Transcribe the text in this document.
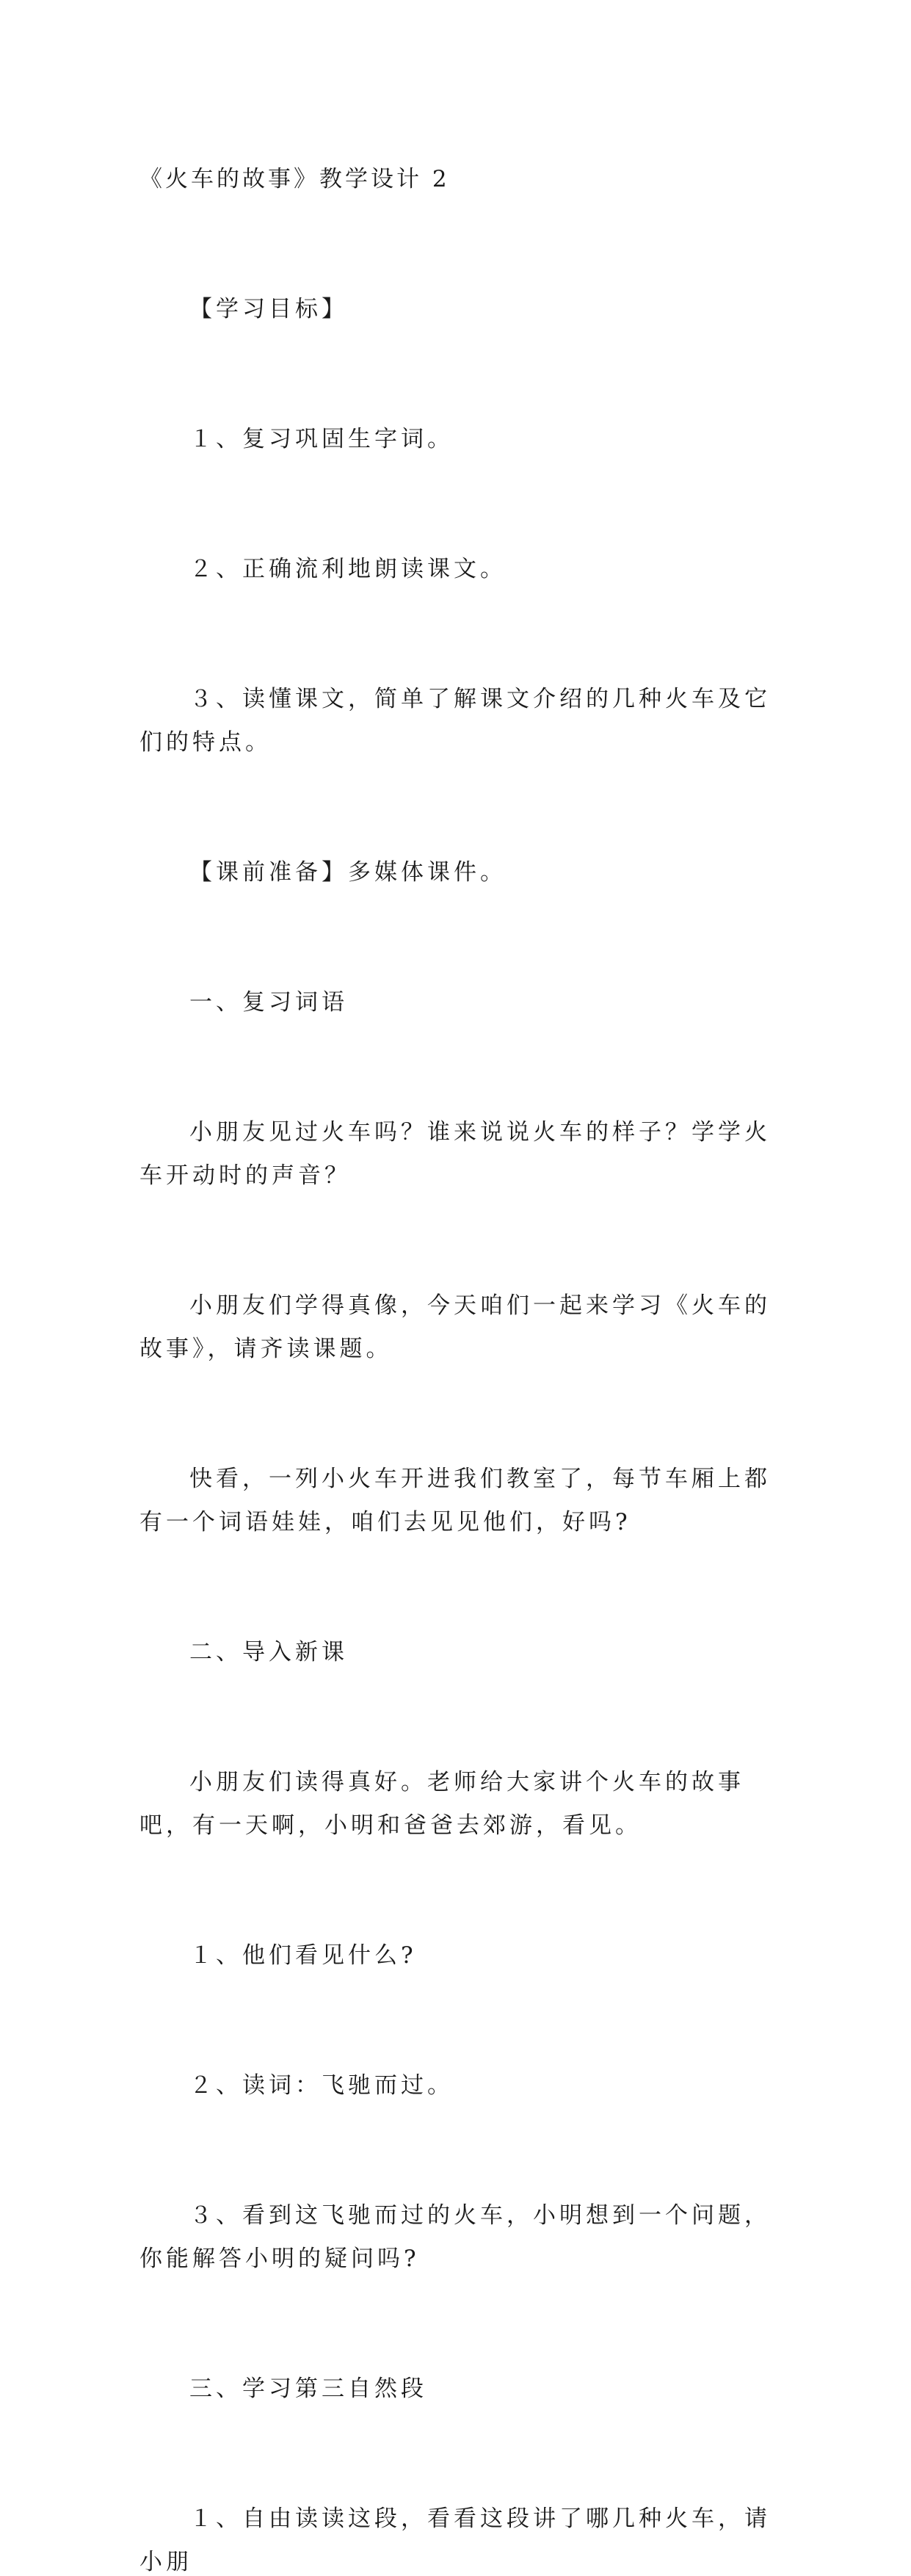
《火车的故事》教学设计 2

【学习目标】

１、复习巩固生字词。

２、正确流利地朗读课文。

３、读懂课文，简单了解课文介绍的几种火车及它们的特点。

【课前准备】多媒体课件。

一、复习词语

小朋友见过火车吗？谁来说说火车的样子？学学火车开动时的声音？

小朋友们学得真像，今天咱们一起来学习《火车的故事》，请齐读课题。

快看，一列小火车开进我们教室了，每节车厢上都有一个词语娃娃，咱们去见见他们，好吗?

二、导入新课

小朋友们读得真好。老师给大家讲个火车的故事吧，有一天啊，小明和爸爸去郊游，看见。

１、他们看见什么?

２、读词：飞驰而过。

３、看到这飞驰而过的火车，小明想到一个问题，你能解答小明的疑问吗?

三、学习第三自然段

１、自由读读这段，看看这段讲了哪几种火车，请小朋
